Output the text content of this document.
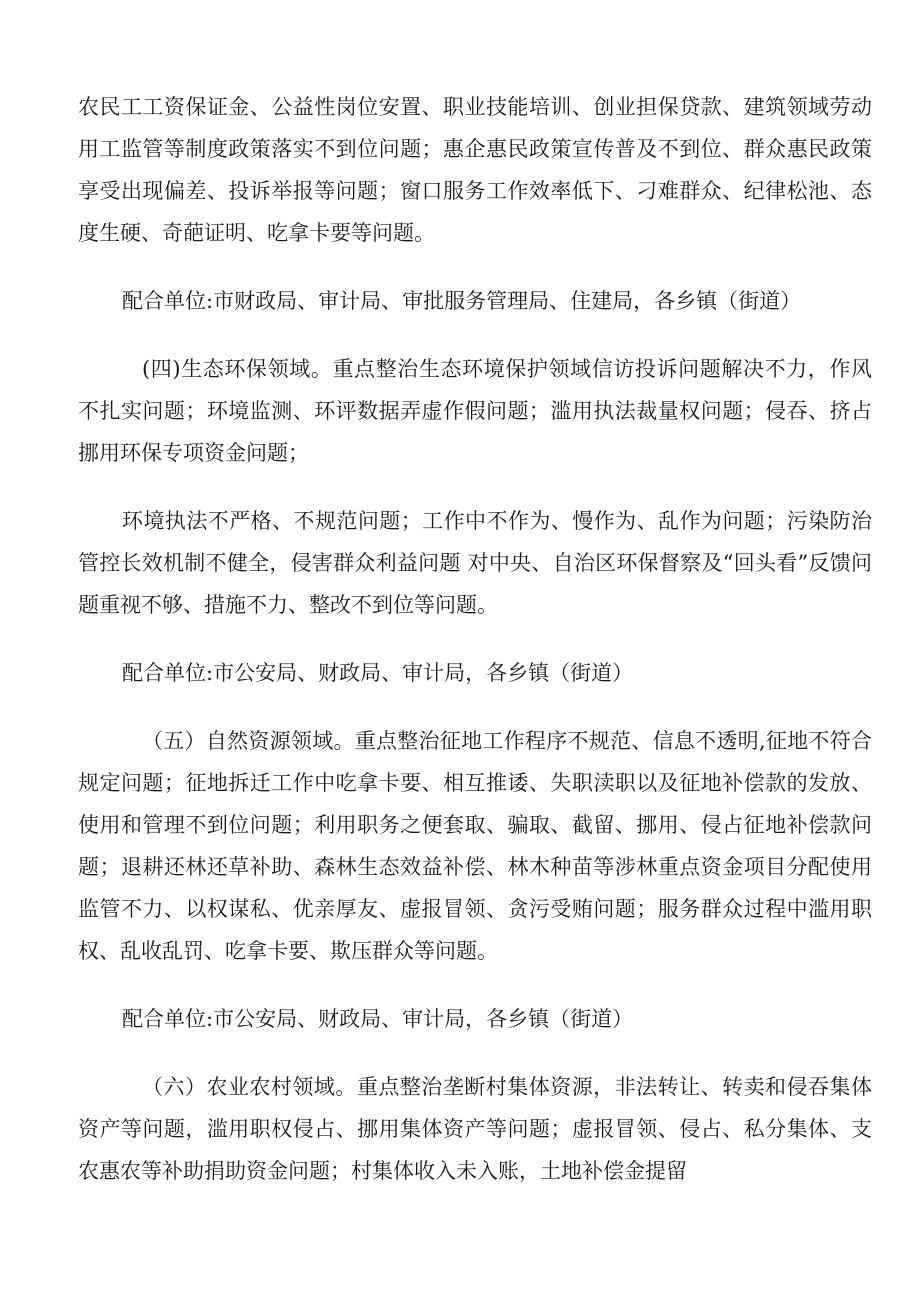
农民工工资保证金、公益性岗位安置、职业技能培训、创业担保贷款、建筑领域劳动用工监管等制度政策落实不到位问题；惠企惠民政策宣传普及不到位、群众惠民政策享受出现偏差、投诉举报等问题；窗口服务工作效率低下、刁难群众、纪律松池、态度生硬、奇葩证明、吃拿卡要等问题。

配合单位:市财政局、审计局、审批服务管理局、住建局，各乡镇（街道）

(四)生态环保领域。重点整治生态环境保护领域信访投诉问题解决不力，作风不扎实问题；环境监测、环评数据弄虚作假问题；滥用执法裁量权问题；侵吞、挤占挪用环保专项资金问题；

环境执法不严格、不规范问题；工作中不作为、慢作为、乱作为问题；污染防治管控长效机制不健全，侵害群众利益问题 对中央、自治区环保督察及“回头看”反馈问题重视不够、措施不力、整改不到位等问题。

配合单位:市公安局、财政局、审计局，各乡镇（街道）

（五）自然资源领域。重点整治征地工作程序不规范、信息不透明,征地不符合规定问题；征地拆迁工作中吃拿卡要、相互推诿、失职渎职以及征地补偿款的发放、使用和管理不到位问题；利用职务之便套取、骗取、截留、挪用、侵占征地补偿款问题；退耕还林还草补助、森林生态效益补偿、林木种苗等涉林重点资金项目分配使用监管不力、以权谋私、优亲厚友、虚报冒领、贪污受贿问题；服务群众过程中滥用职权、乱收乱罚、吃拿卡要、欺压群众等问题。

配合单位:市公安局、财政局、审计局，各乡镇（街道）

（六）农业农村领域。重点整治垄断村集体资源，非法转让、转卖和侵吞集体资产等问题，滥用职权侵占、挪用集体资产等问题；虚报冒领、侵占、私分集体、支农惠农等补助捐助资金问题；村集体收入未入账，土地补偿金提留
